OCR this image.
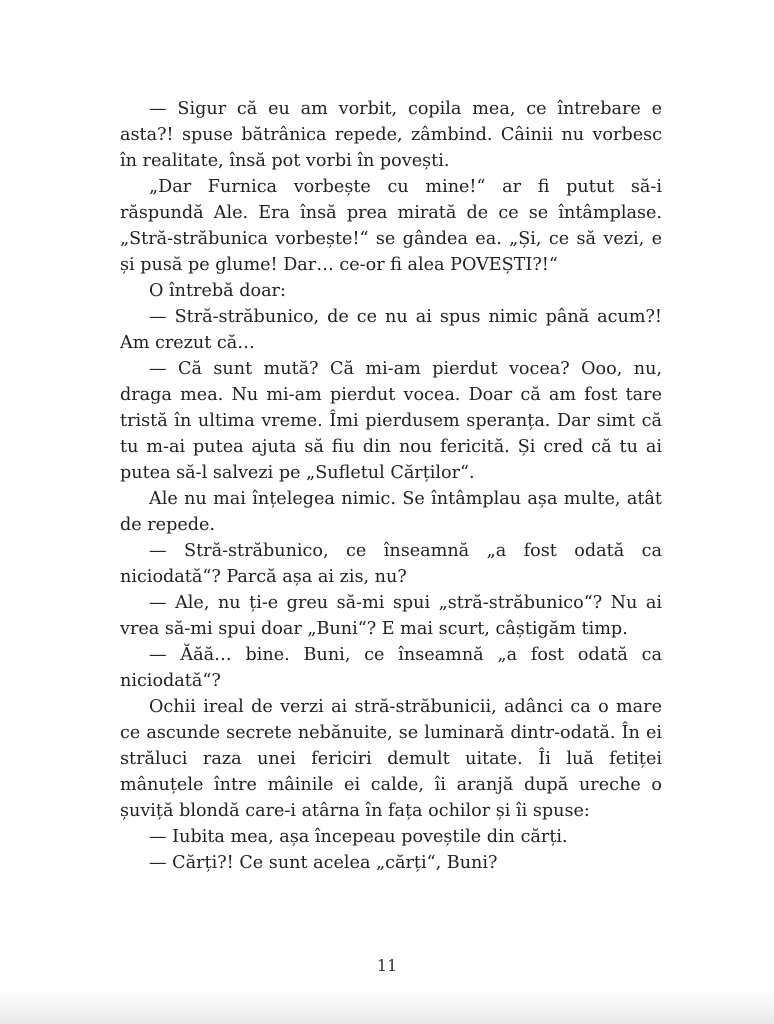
— Sigur că eu am vorbit, copila mea, ce întrebare e asta?! spuse bătrânica repede, zâmbind. Câinii nu vorbesc în realitate, însă pot vorbi în povești.

„Dar Furnica vorbește cu mine!“ ar fi putut să-i răspundă Ale. Era însă prea mirată de ce se întâmplase. „Stră-străbunica vorbește!“ se gândea ea. „Și, ce să vezi, e și pusă pe glume! Dar… ce-or fi alea POVEȘTI?!“

O întrebă doar:

— Stră-străbunico, de ce nu ai spus nimic până acum?! Am crezut că…

— Că sunt mută? Că mi-am pierdut vocea? Ooo, nu, draga mea. Nu mi-am pierdut vocea. Doar că am fost tare tristă în ultima vreme. Îmi pierdusem speranța. Dar simt că tu m-ai putea ajuta să fiu din nou fericită. Și cred că tu ai putea să-l salvezi pe „Sufletul Cărților“.

Ale nu mai înțelegea nimic. Se întâmplau așa multe, atât de repede.

— Stră-străbunico, ce înseamnă „a fost odată ca niciodată“? Parcă așa ai zis, nu?

— Ale, nu ți-e greu să-mi spui „stră-străbunico“? Nu ai vrea să-mi spui doar „Buni“? E mai scurt, câștigăm timp.

— Ăăă… bine. Buni, ce înseamnă „a fost odată ca niciodată“?

Ochii ireal de verzi ai stră-străbunicii, adânci ca o mare ce ascunde secrete nebănuite, se luminară dintr-odată. În ei străluci raza unei fericiri demult uitate. Îi luă fetiței mânuțele între mâinile ei calde, îi aranjă după ureche o șuviță blondă care-i atârna în fața ochilor și îi spuse:

— Iubita mea, așa începeau poveștile din cărți.

— Cărți?! Ce sunt acelea „cărți“, Buni?

11
